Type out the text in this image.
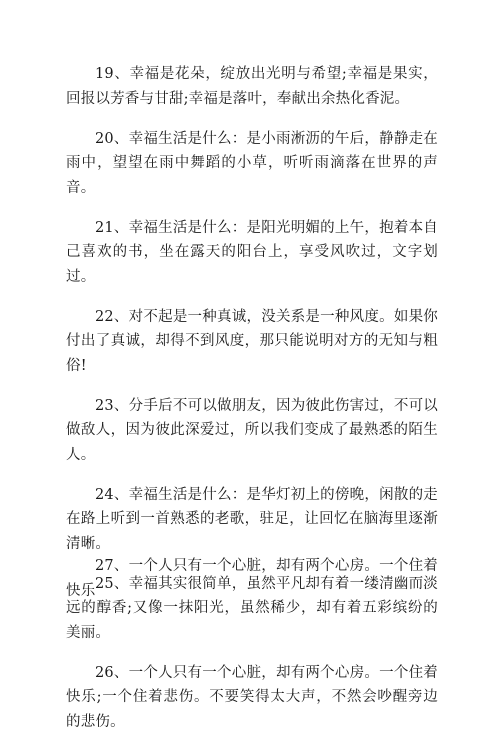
19、幸福是花朵，绽放出光明与希望;幸福是果实，回报以芳香与甘甜;幸福是落叶，奉献出余热化香泥。

20、幸福生活是什么：是小雨淅沥的午后，静静走在雨中，望望在雨中舞蹈的小草，听听雨滴落在世界的声音。

21、幸福生活是什么：是阳光明媚的上午，抱着本自己喜欢的书，坐在露天的阳台上，享受风吹过，文字划过。

22、对不起是一种真诚，没关系是一种风度。如果你付出了真诚，却得不到风度，那只能说明对方的无知与粗俗!

23、分手后不可以做朋友，因为彼此伤害过，不可以做敌人，因为彼此深爱过，所以我们变成了最熟悉的陌生人。

24、幸福生活是什么：是华灯初上的傍晚，闲散的走在路上听到一首熟悉的老歌，驻足，让回忆在脑海里逐渐清晰。

25、幸福其实很简单，虽然平凡却有着一缕清幽而淡远的醇香;又像一抹阳光，虽然稀少，却有着五彩缤纷的美丽。

26、一个人只有一个心脏，却有两个心房。一个住着快乐;一个住着悲伤。不要笑得太大声，不然会吵醒旁边的悲伤。

27、一个人只有一个心脏，却有两个心房。一个住着快乐
